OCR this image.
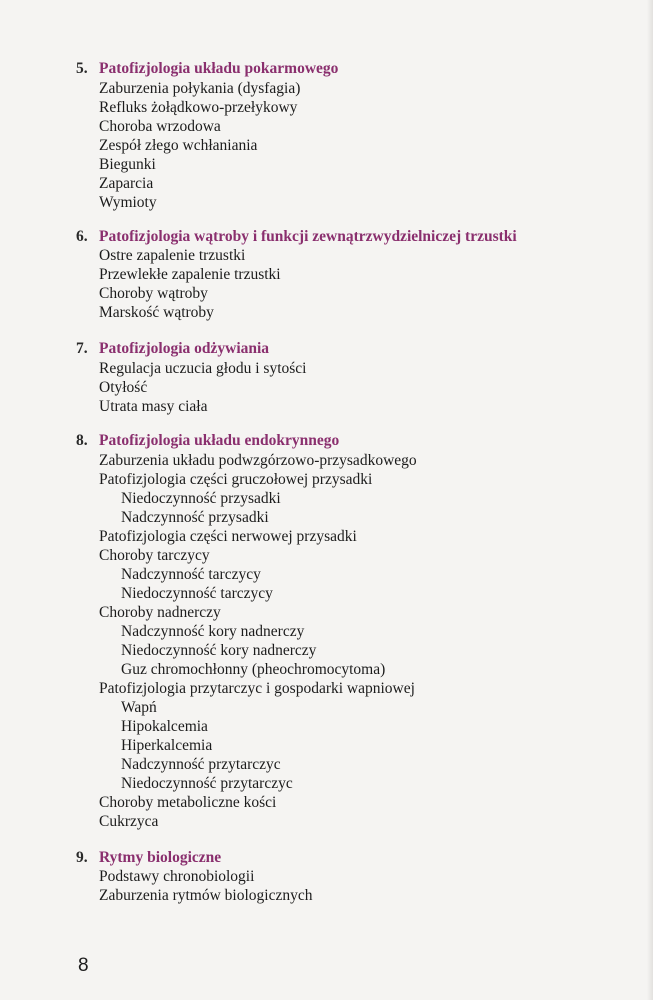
5. Patofizjologia układu pokarmowego
Zaburzenia połykania (dysfagia)
Refluks żołądkowo-przełykowy
Choroba wrzodowa
Zespół złego wchłaniania
Biegunki
Zaparcia
Wymioty
6. Patofizjologia wątroby i funkcji zewnątrzwydzielniczej trzustki
Ostre zapalenie trzustki
Przewlekłe zapalenie trzustki
Choroby wątroby
Marskość wątroby
7. Patofizjologia odżywiania
Regulacja uczucia głodu i sytości
Otyłość
Utrata masy ciała
8. Patofizjologia układu endokrynnego
Zaburzenia układu podwzgórzowo-przysadkowego
Patofizjologia części gruczołowej przysadki
Niedoczynność przysadki
Nadczynność przysadki
Patofizjologia części nerwowej przysadki
Choroby tarczycy
Nadczynność tarczycy
Niedoczynność tarczycy
Choroby nadnerczy
Nadczynność kory nadnerczy
Niedoczynność kory nadnerczy
Guz chromochłonny (pheochromocytoma)
Patofizjologia przytarczyc i gospodarki wapniowej
Wapń
Hipokalcemia
Hiperkalcemia
Nadczynność przytarczyc
Niedoczynność przytarczyc
Choroby metaboliczne kości
Cukrzyca
9. Rytmy biologiczne
Podstawy chronobiologii
Zaburzenia rytmów biologicznych
8
